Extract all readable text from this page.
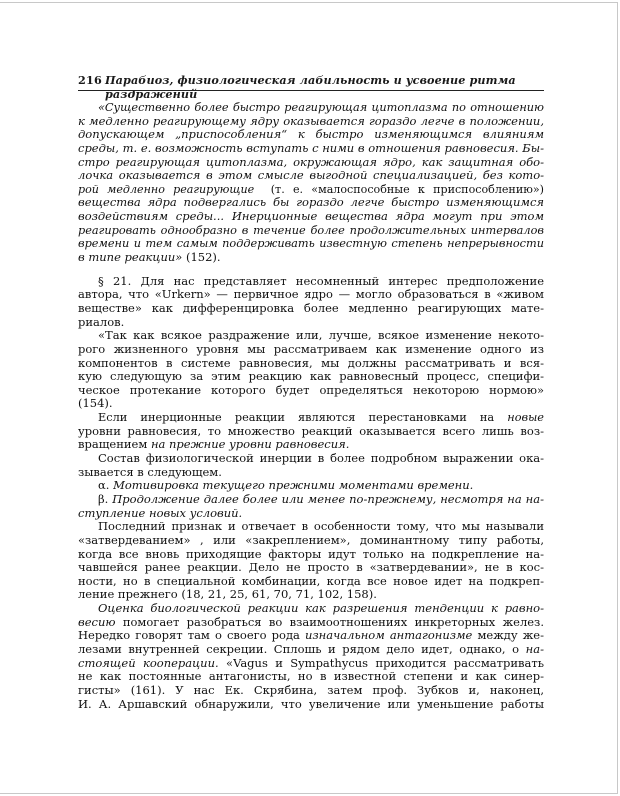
216 Парабиоз, физиологическая лабильность и усвоение ритма раздражений
«Существенно более быстро реагирующая цитоплазма по отношению
к медленно реагирующему ядру оказывается гораздо легче в положении,
допускающем „приспособления“ к быстро изменяющимся влияниям
среды, т. е. возможность вступать с ними в отношения равновесия. Бы-
стро реагирующая цитоплазма, окружающая ядро, как защитная обо-
лочка оказывается в этом смысле выгодной специализацией, без кото-
рой медленно реагирующие (т. е. «малоспособные к приспособлению»)
вещества ядра подвергались бы гораздо легче быстро изменяющимся
воздействиям среды... Инерционные вещества ядра могут при этом
реагировать однообразно в течение более продолжительных интервалов
времени и тем самым поддерживать известную степень непрерывности
в типе реакции» (152).
§ 21. Для нас представляет несомненный интерес предположение
автора, что «Urkern» — первичное ядро — могло образоваться в «живом
веществе» как дифференцировка более медленно реагирующих мате-
риалов.
«Так как всякое раздражение или, лучше, всякое изменение некото-
рого жизненного уровня мы рассматриваем как изменение одного из
компонентов в системе равновесия, мы должны рассматривать и вся-
кую следующую за этим реакцию как равновесный процесс, специфи-
ческое протекание которого будет определяться некоторою нормою»
(154).
Если инерционные реакции являются перестановками на новые
уровни равновесия, то множество реакций оказывается всего лишь воз-
вращением на прежние уровни равновесия.
Состав физиологической инерции в более подробном выражении ока-
зывается в следующем.
α. Мотивировка текущего прежними моментами времени.
β. Продолжение далее более или менее по-прежнему, несмотря на на-
ступление новых условий.
Последний признак и отвечает в особенности тому, что мы называли
«затвердеванием» , или «закреплением», доминантному типу работы,
когда все вновь приходящие факторы идут только на подкрепление на-
чавшейся ранее реакции. Дело не просто в «затвердевании», не в кос-
ности, но в специальной комбинации, когда все новое идет на подкреп-
ление прежнего (18, 21, 25, 61, 70, 71, 102, 158).
Оценка биологической реакции как разрешения тенденции к равно-
весию помогает разобраться во взаимоотношениях инкреторных желез.
Нередко говорят там о своего рода изначальном антагонизме между же-
лезами внутренней секреции. Сплошь и рядом дело идет, однако, о на-
стоящей кооперации. «Vagus и Sympathycus приходится рассматривать
не как постоянные антагонисты, но в известной степени и как синер-
гисты» (161). У нас Ек. Скрябина, затем проф. Зубков и, наконец,
И. А. Аршавский обнаружили, что увеличение или уменьшение работы
